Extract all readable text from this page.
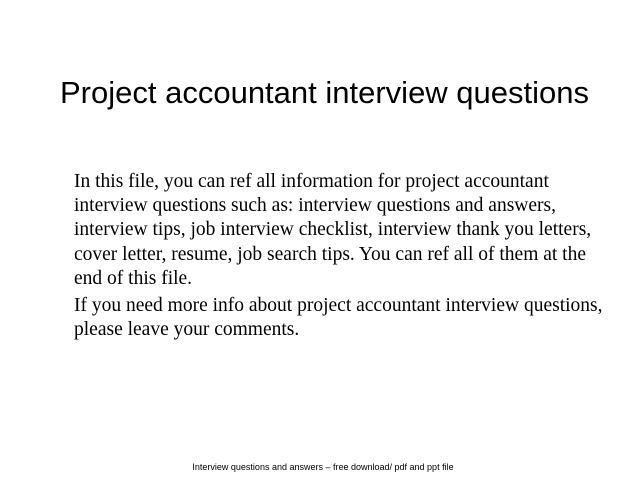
Project accountant interview questions

In this file, you can ref all information for project accountant interview questions such as: interview questions and answers, interview tips, job interview checklist, interview thank you letters, cover letter, resume, job search tips. You can ref all of them at the end of this file.

If you need more info about project accountant interview questions, please leave your comments.

Interview questions and answers – free download/ pdf and ppt file
